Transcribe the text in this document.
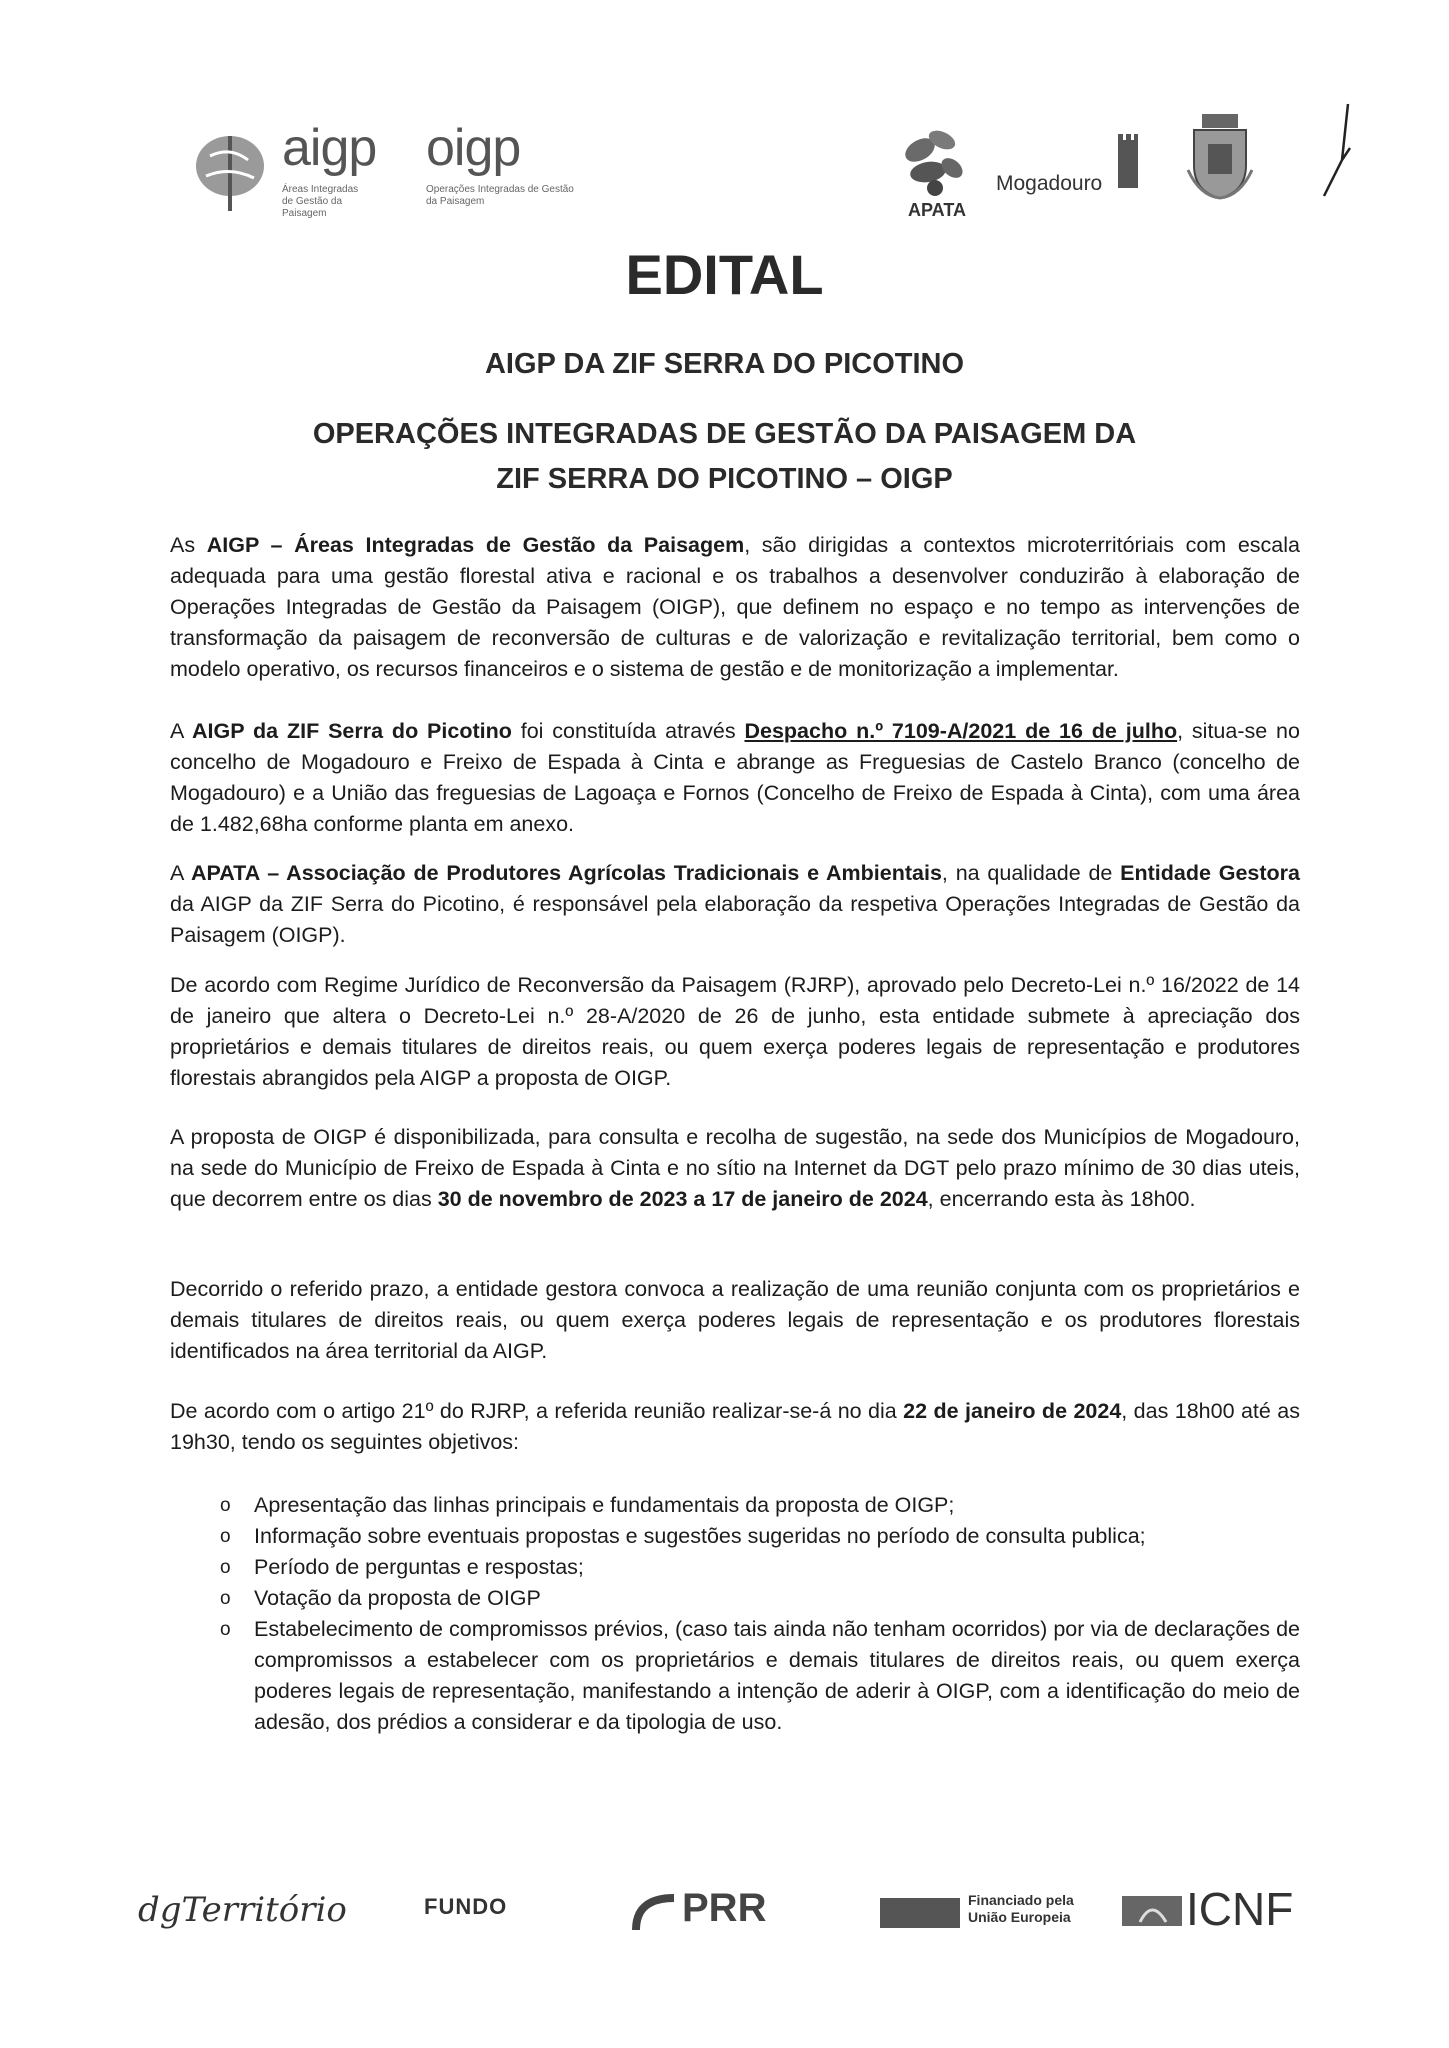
aigp
Áreas Integradas de Gestão da Paisagem
oigp
Operações Integradas de Gestão da Paisagem	APATA
Mogadouro
EDITAL
AIGP DA ZIF SERRA DO PICOTINO
OPERAÇÕES INTEGRADAS DE GESTÃO DA PAISAGEM DA
ZIF SERRA DO PICOTINO – OIGP
As AIGP – Áreas Integradas de Gestão da Paisagem, são dirigidas a contextos microterritóriais com escala adequada para uma gestão florestal ativa e racional e os trabalhos a desenvolver conduzirão à elaboração de Operações Integradas de Gestão da Paisagem (OIGP), que definem no espaço e no tempo as intervenções de transformação da paisagem de reconversão de culturas e de valorização e revitalização territorial, bem como o modelo operativo, os recursos financeiros e o sistema de gestão e de monitorização a implementar.
A AIGP da ZIF Serra do Picotino foi constituída através Despacho n.º 7109-A/2021 de 16 de julho, situa-se no concelho de Mogadouro e Freixo de Espada à Cinta e abrange as Freguesias de Castelo Branco (concelho de Mogadouro) e a União das freguesias de Lagoaça e Fornos (Concelho de Freixo de Espada à Cinta), com uma área de 1.482,68ha conforme planta em anexo.
A APATA – Associação de Produtores Agrícolas Tradicionais e Ambientais, na qualidade de Entidade Gestora da AIGP da ZIF Serra do Picotino, é responsável pela elaboração da respetiva Operações Integradas de Gestão da Paisagem (OIGP).
De acordo com Regime Jurídico de Reconversão da Paisagem (RJRP), aprovado pelo Decreto-Lei n.º 16/2022 de 14 de janeiro que altera o Decreto-Lei n.º 28-A/2020 de 26 de junho, esta entidade submete à apreciação dos proprietários e demais titulares de direitos reais, ou quem exerça poderes legais de representação e produtores florestais abrangidos pela AIGP a proposta de OIGP.
A proposta de OIGP é disponibilizada, para consulta e recolha de sugestão, na sede dos Municípios de Mogadouro, na sede do Município de Freixo de Espada à Cinta e no sítio na Internet da DGT pelo prazo mínimo de 30 dias uteis, que decorrem entre os dias 30 de novembro de 2023 a 17 de janeiro de 2024, encerrando esta às 18h00.
Decorrido o referido prazo, a entidade gestora convoca a realização de uma reunião conjunta com os proprietários e demais titulares de direitos reais, ou quem exerça poderes legais de representação e os produtores florestais identificados na área territorial da AIGP.
De acordo com o artigo 21º do RJRP, a referida reunião realizar-se-á no dia 22 de janeiro de 2024, das 18h00 até as 19h30, tendo os seguintes objetivos:
o Apresentação das linhas principais e fundamentais da proposta de OIGP;
o Informação sobre eventuais propostas e sugestões sugeridas no período de consulta publica;
o Período de perguntas e respostas;
o Votação da proposta de OIGP
o Estabelecimento de compromissos prévios, (caso tais ainda não tenham ocorridos) por via de declarações de compromissos a estabelecer com os proprietários e demais titulares de direitos reais, ou quem exerça poderes legais de representação, manifestando a intenção de aderir à OIGP, com a identificação do meio de adesão, dos prédios a considerar e da tipologia de uso.
dgTerritório	FUNDO	PRR	Financiado pela
União Europeia	ICNF
